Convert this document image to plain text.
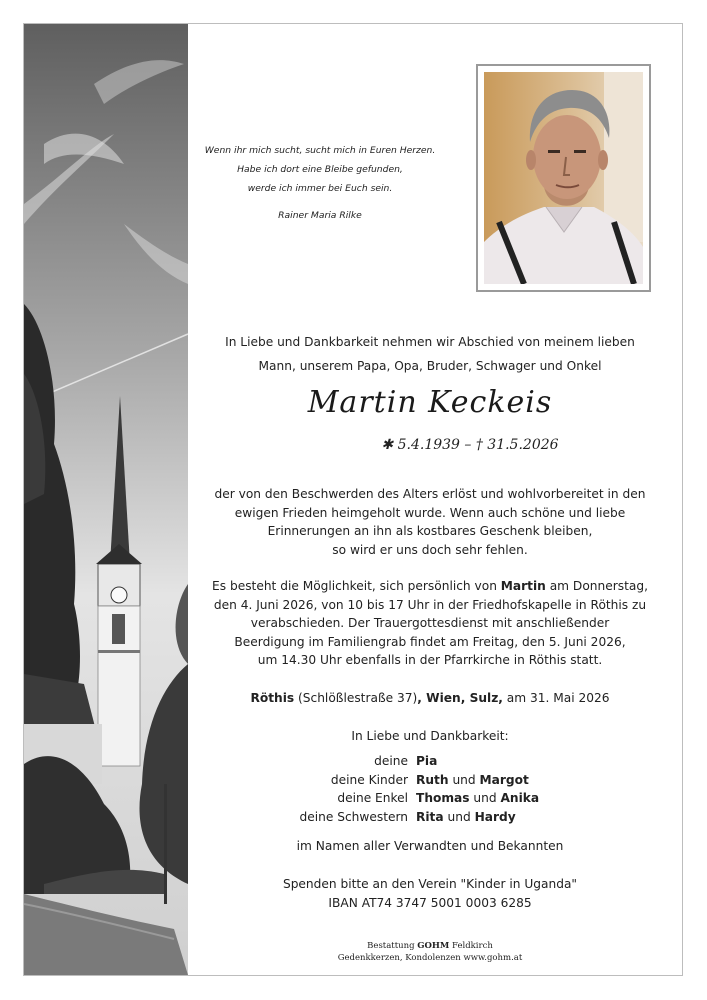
Wenn ihr mich sucht, sucht mich in Euren Herzen.
Habe ich dort eine Bleibe gefunden,
werde ich immer bei Euch sein.
Rainer Maria Rilke
In Liebe und Dankbarkeit nehmen wir Abschied von meinem lieben
Mann, unserem Papa, Opa, Bruder, Schwager und Onkel
Martin Keckeis
✱ 5.4.1939 – † 31.5.2026
der von den Beschwerden des Alters erlöst und wohlvorbereitet in den
ewigen Frieden heimgeholt wurde. Wenn auch schöne und liebe
Erinnerungen an ihn als kostbares Geschenk bleiben,
so wird er uns doch sehr fehlen.
Es besteht die Möglichkeit, sich persönlich von Martin am Donnerstag,
den 4. Juni 2026, von 10 bis 17 Uhr in der Friedhofskapelle in Röthis zu
verabschieden. Der Trauergottesdienst mit anschließender
Beerdigung im Familiengrab findet am Freitag, den 5. Juni 2026,
um 14.30 Uhr ebenfalls in der Pfarrkirche in Röthis statt.
Röthis (Schlößlestraße 37), Wien, Sulz, am 31. Mai 2026
In Liebe und Dankbarkeit:
deine Pia
deine Kinder Ruth und Margot
deine Enkel Thomas und Anika
deine Schwestern Rita und Hardy
im Namen aller Verwandten und Bekannten
Spenden bitte an den Verein "Kinder in Uganda"
IBAN AT74 3747 5001 0003 6285
Bestattung GOHM Feldkirch
Gedenkkerzen, Kondolenzen www.gohm.at
